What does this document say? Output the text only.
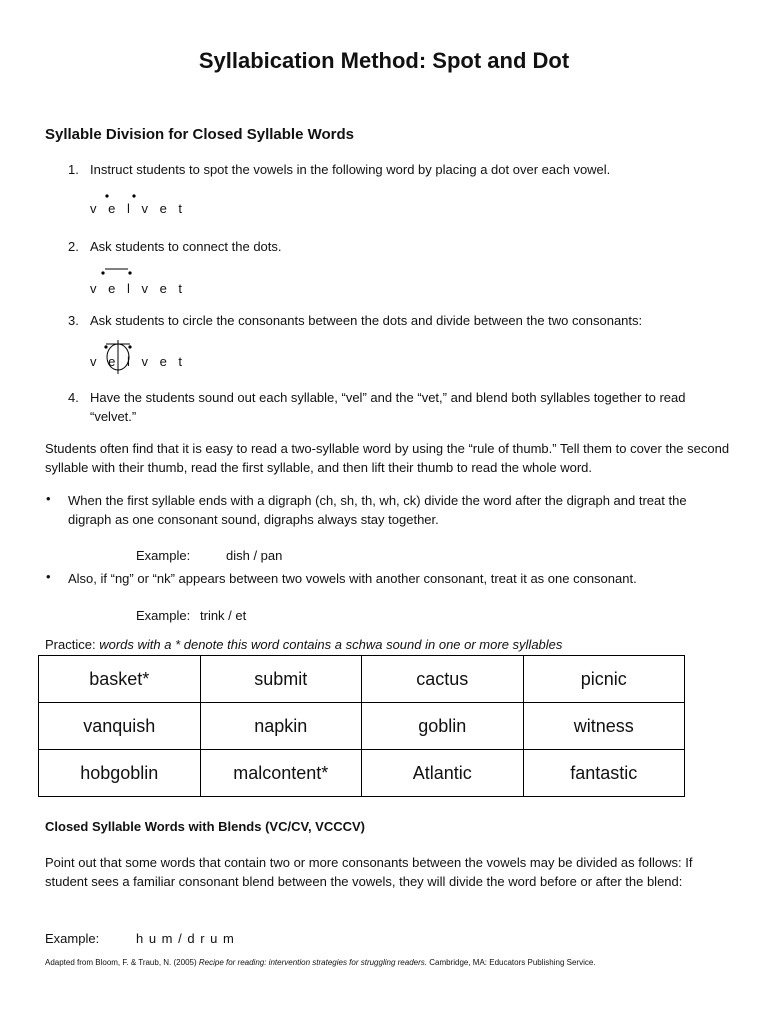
Syllabication Method: Spot and Dot
Syllable Division for Closed Syllable Words
1. Instruct students to spot the vowels in the following word by placing a dot over each vowel.
v e l v e t
2. Ask students to connect the dots.
v e l v e t
3. Ask students to circle the consonants between the dots and divide between the two consonants:
v e l v e t
4. Have the students sound out each syllable, “vel” and the “vet,” and blend both syllables together to read “velvet.”
Students often find that it is easy to read a two-syllable word by using the “rule of thumb.” Tell them to cover the second syllable with their thumb, read the first syllable, and then lift their thumb to read the whole word.
• When the first syllable ends with a digraph (ch, sh, th, wh, ck) divide the word after the digraph and treat the digraph as one consonant sound, digraphs always stay together.
Example:	dish / pan
• Also, if “ng” or “nk” appears between two vowels with another consonant, treat it as one consonant.
Example: trink / et
Practice: words with a * denote this word contains a schwa sound in one or more syllables
basket*	submit	cactus	picnic
vanquish	napkin	goblin	witness
hobgoblin	malcontent*	Atlantic	fantastic
Closed Syllable Words with Blends (VC/CV, VCCCV)
Point out that some words that contain two or more consonants between the vowels may be divided as follows: If student sees a familiar consonant blend between the vowels, they will divide the word before or after the blend:
Example:	h u m / d r u m
Adapted from Bloom, F. & Traub, N. (2005) Recipe for reading: intervention strategies for struggling readers. Cambridge, MA: Educators Publishing Service.
